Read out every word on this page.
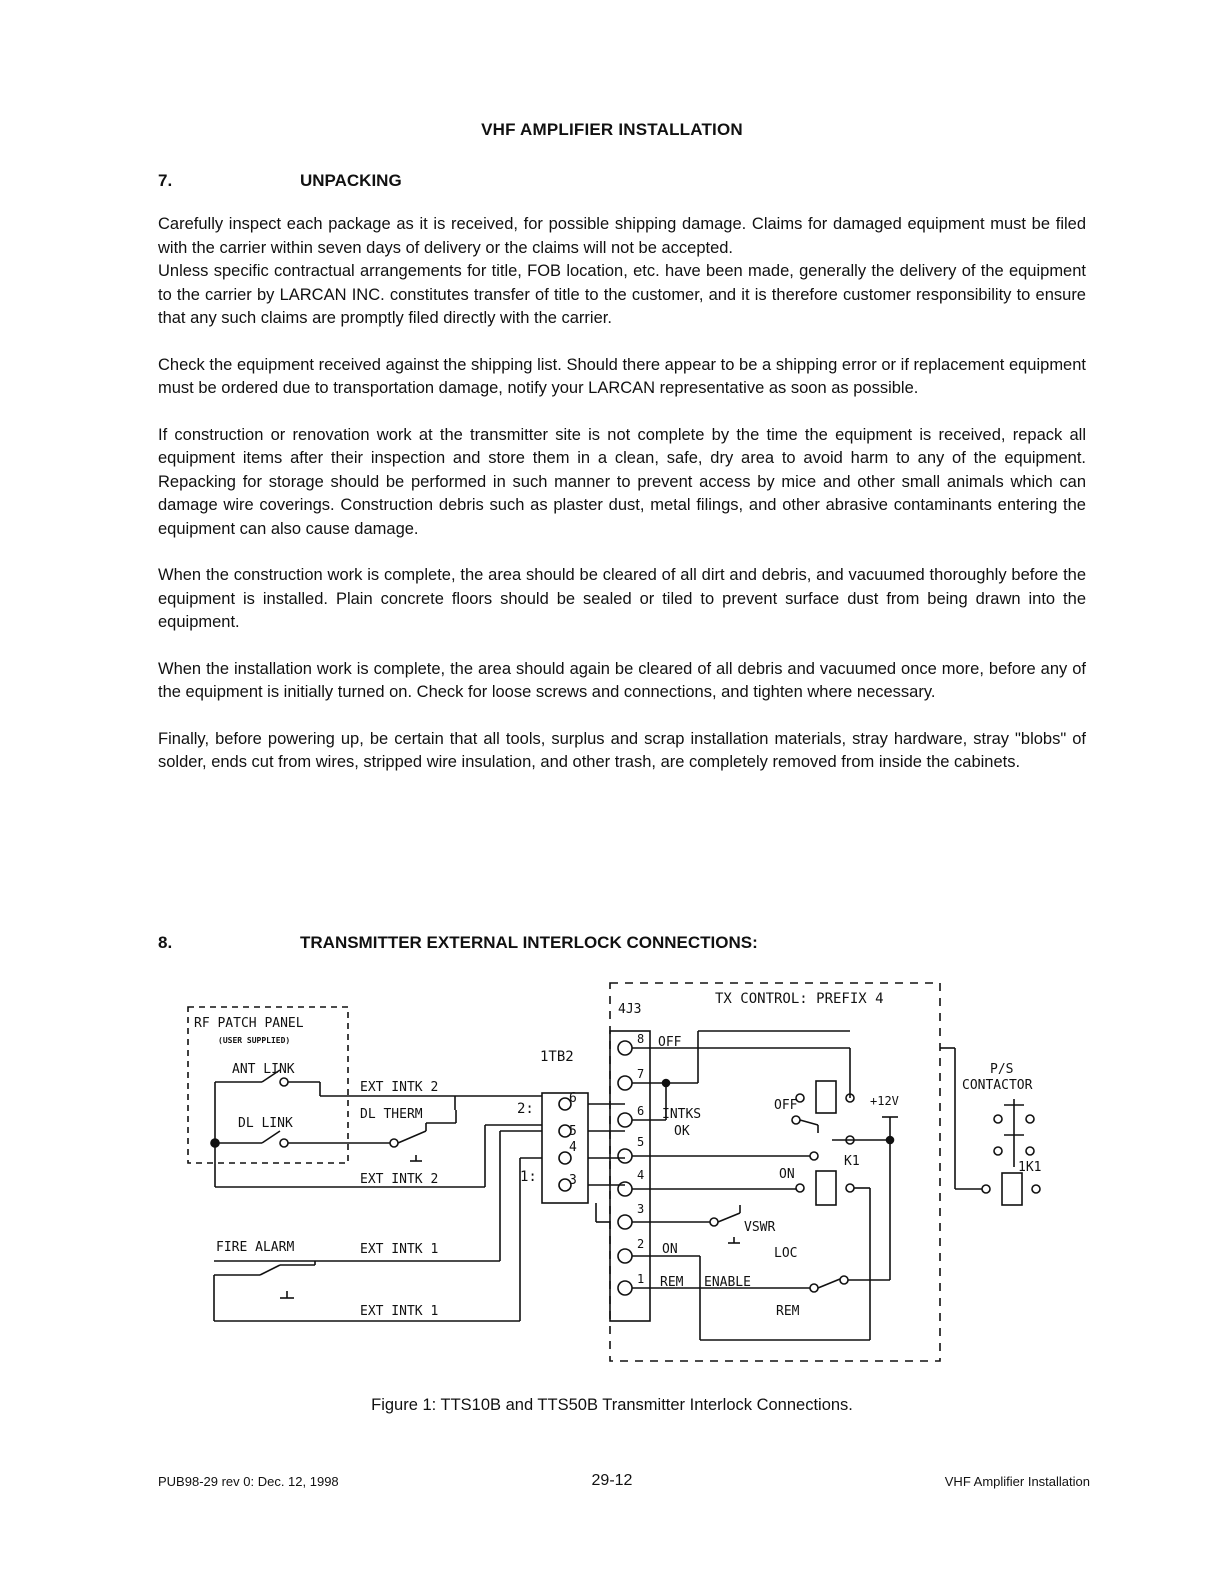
VHF AMPLIFIER INSTALLATION
7.	UNPACKING

Carefully inspect each package as it is received, for possible shipping damage. Claims for damaged equipment must be filed with the carrier within seven days of delivery or the claims will not be accepted.

Unless specific contractual arrangements for title, FOB location, etc. have been made, generally the delivery of the equipment to the carrier by LARCAN INC. constitutes transfer of title to the customer, and it is therefore customer responsibility to ensure that any such claims are promptly filed directly with the carrier.

Check the equipment received against the shipping list. Should there appear to be a shipping error or if replacement equipment must be ordered due to transportation damage, notify your LARCAN representative as soon as possible.

If construction or renovation work at the transmitter site is not complete by the time the equipment is received, repack all equipment items after their inspection and store them in a clean, safe, dry area to avoid harm to any of the equipment. Repacking for storage should be performed in such manner to prevent access by mice and other small animals which can damage wire coverings. Construction debris such as plaster dust, metal filings, and other abrasive contaminants entering the equipment can also cause damage.

When the construction work is complete, the area should be cleared of all dirt and debris, and vacuumed thoroughly before the equipment is installed. Plain concrete floors should be sealed or tiled to prevent surface dust from being drawn into the equipment.

When the installation work is complete, the area should again be cleared of all debris and vacuumed once more, before any of the equipment is initially turned on. Check for loose screws and connections, and tighten where necessary.

Finally, before powering up, be certain that all tools, surplus and scrap installation materials, stray hardware, stray "blobs" of solder, ends cut from wires, stripped wire insulation, and other trash, are completely removed from inside the cabinets.

8.	TRANSMITTER EXTERNAL INTERLOCK CONNECTIONS:
RF PATCH PANEL
(USER SUPPLIED)
ANT LINK
DL LINK
EXT INTK 2
DL THERM
EXT INTK 2
FIRE ALARM	EXT INTK 1
EXT INTK 1
1TB2
6
5
4
3
2:
1:
4J3
TX CONTROL: PREFIX 4
8
7
6
5
4
3
2
1
OFF
INTKS
OK
ON
REM ENABLE
OFF
ON
K1
+12V
VSWR
LOC
REM
P/S
CONTACTOR
1K1
Figure 1: TTS10B and TTS50B Transmitter Interlock Connections.
PUB98-29 rev 0: Dec. 12, 1998	29-12	VHF Amplifier Installation
